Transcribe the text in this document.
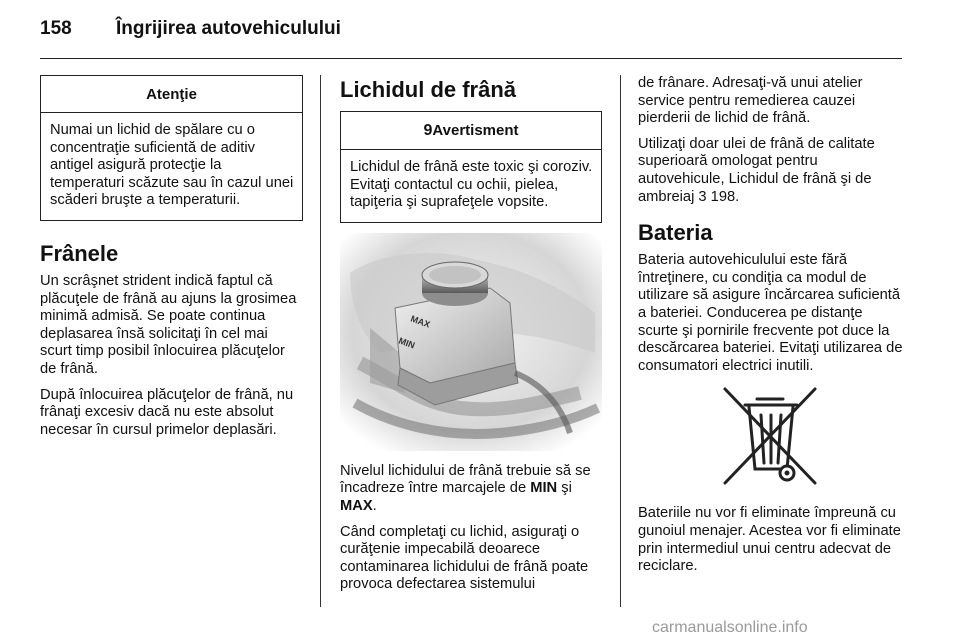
158 Îngrijirea autovehiculului
Atenţie
Numai un lichid de spălare cu o concentraţie suficientă de aditiv antigel asigură protecţie la temperaturi scăzute sau în cazul unei scăderi bruşte a temperaturii.
Frânele

Un scrâşnet strident indică faptul că plăcuţele de frână au ajuns la grosimea minimă admisă. Se poate continua deplasarea însă solicitaţi în cel mai scurt timp posibil înlocuirea plăcuţelor de frână.

După înlocuirea plăcuţelor de frână, nu frânaţi excesiv dacă nu este absolut necesar în cursul primelor deplasări.

Lichidul de frână
9Avertisment
Lichidul de frână este toxic şi coroziv. Evitaţi contactul cu ochii, pielea, tapiţeria şi suprafeţele vopsite.
MAX
MIN

Nivelul lichidului de frână trebuie să se încadreze între marcajele de MIN şi MAX.

Când completaţi cu lichid, asiguraţi o curăţenie impecabilă deoarece contaminarea lichidului de frână poate provoca defectarea sistemului

de frânare. Adresaţi-vă unui atelier service pentru remedierea cauzei pierderii de lichid de frână.

Utilizaţi doar ulei de frână de calitate superioară omologat pentru autovehicule, Lichidul de frână şi de ambreiaj 3 198.

Bateria

Bateria autovehiculului este fără întreţinere, cu condiţia ca modul de utilizare să asigure încărcarea suficientă a bateriei. Conducerea pe distanţe scurte şi pornirile frecvente pot duce la descărcarea bateriei. Evitaţi utilizarea de consumatori electrici inutili.

Bateriile nu vor fi eliminate împreună cu gunoiul menajer. Acestea vor fi eliminate prin intermediul unui centru adecvat de reciclare.

carmanualsonline.info
